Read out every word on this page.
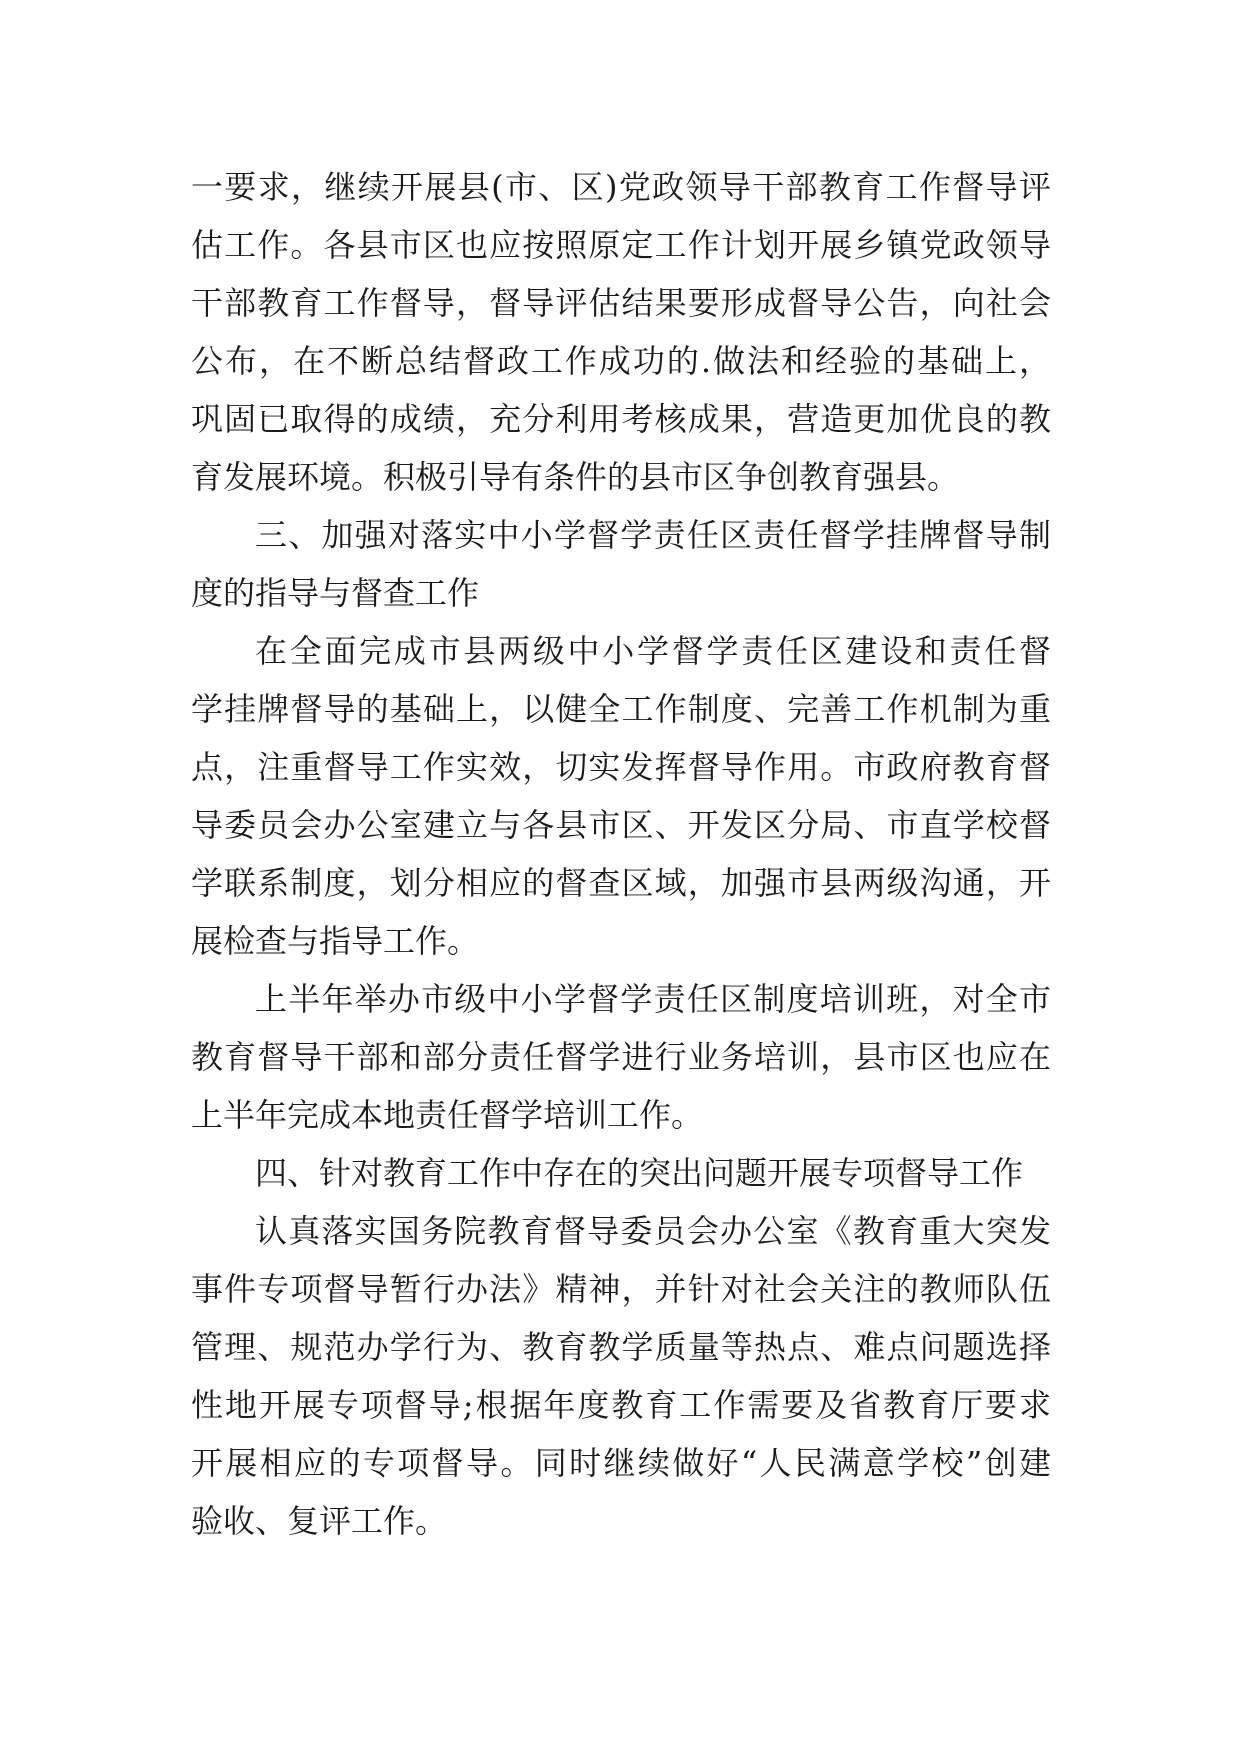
一要求，继续开展县(市、区)党政领导干部教育工作督导评
估工作。各县市区也应按照原定工作计划开展乡镇党政领导
干部教育工作督导，督导评估结果要形成督导公告，向社会
公布，在不断总结督政工作成功的.做法和经验的基础上，
巩固已取得的成绩，充分利用考核成果，营造更加优良的教
育发展环境。积极引导有条件的县市区争创教育强县。
三、加强对落实中小学督学责任区责任督学挂牌督导制
度的指导与督查工作
在全面完成市县两级中小学督学责任区建设和责任督
学挂牌督导的基础上，以健全工作制度、完善工作机制为重
点，注重督导工作实效，切实发挥督导作用。市政府教育督
导委员会办公室建立与各县市区、开发区分局、市直学校督
学联系制度，划分相应的督查区域，加强市县两级沟通，开
展检查与指导工作。
上半年举办市级中小学督学责任区制度培训班，对全市
教育督导干部和部分责任督学进行业务培训，县市区也应在
上半年完成本地责任督学培训工作。
四、针对教育工作中存在的突出问题开展专项督导工作
认真落实国务院教育督导委员会办公室《教育重大突发
事件专项督导暂行办法》精神，并针对社会关注的教师队伍
管理、规范办学行为、教育教学质量等热点、难点问题选择
性地开展专项督导;根据年度教育工作需要及省教育厅要求
开展相应的专项督导。同时继续做好“人民满意学校”创建
验收、复评工作。
